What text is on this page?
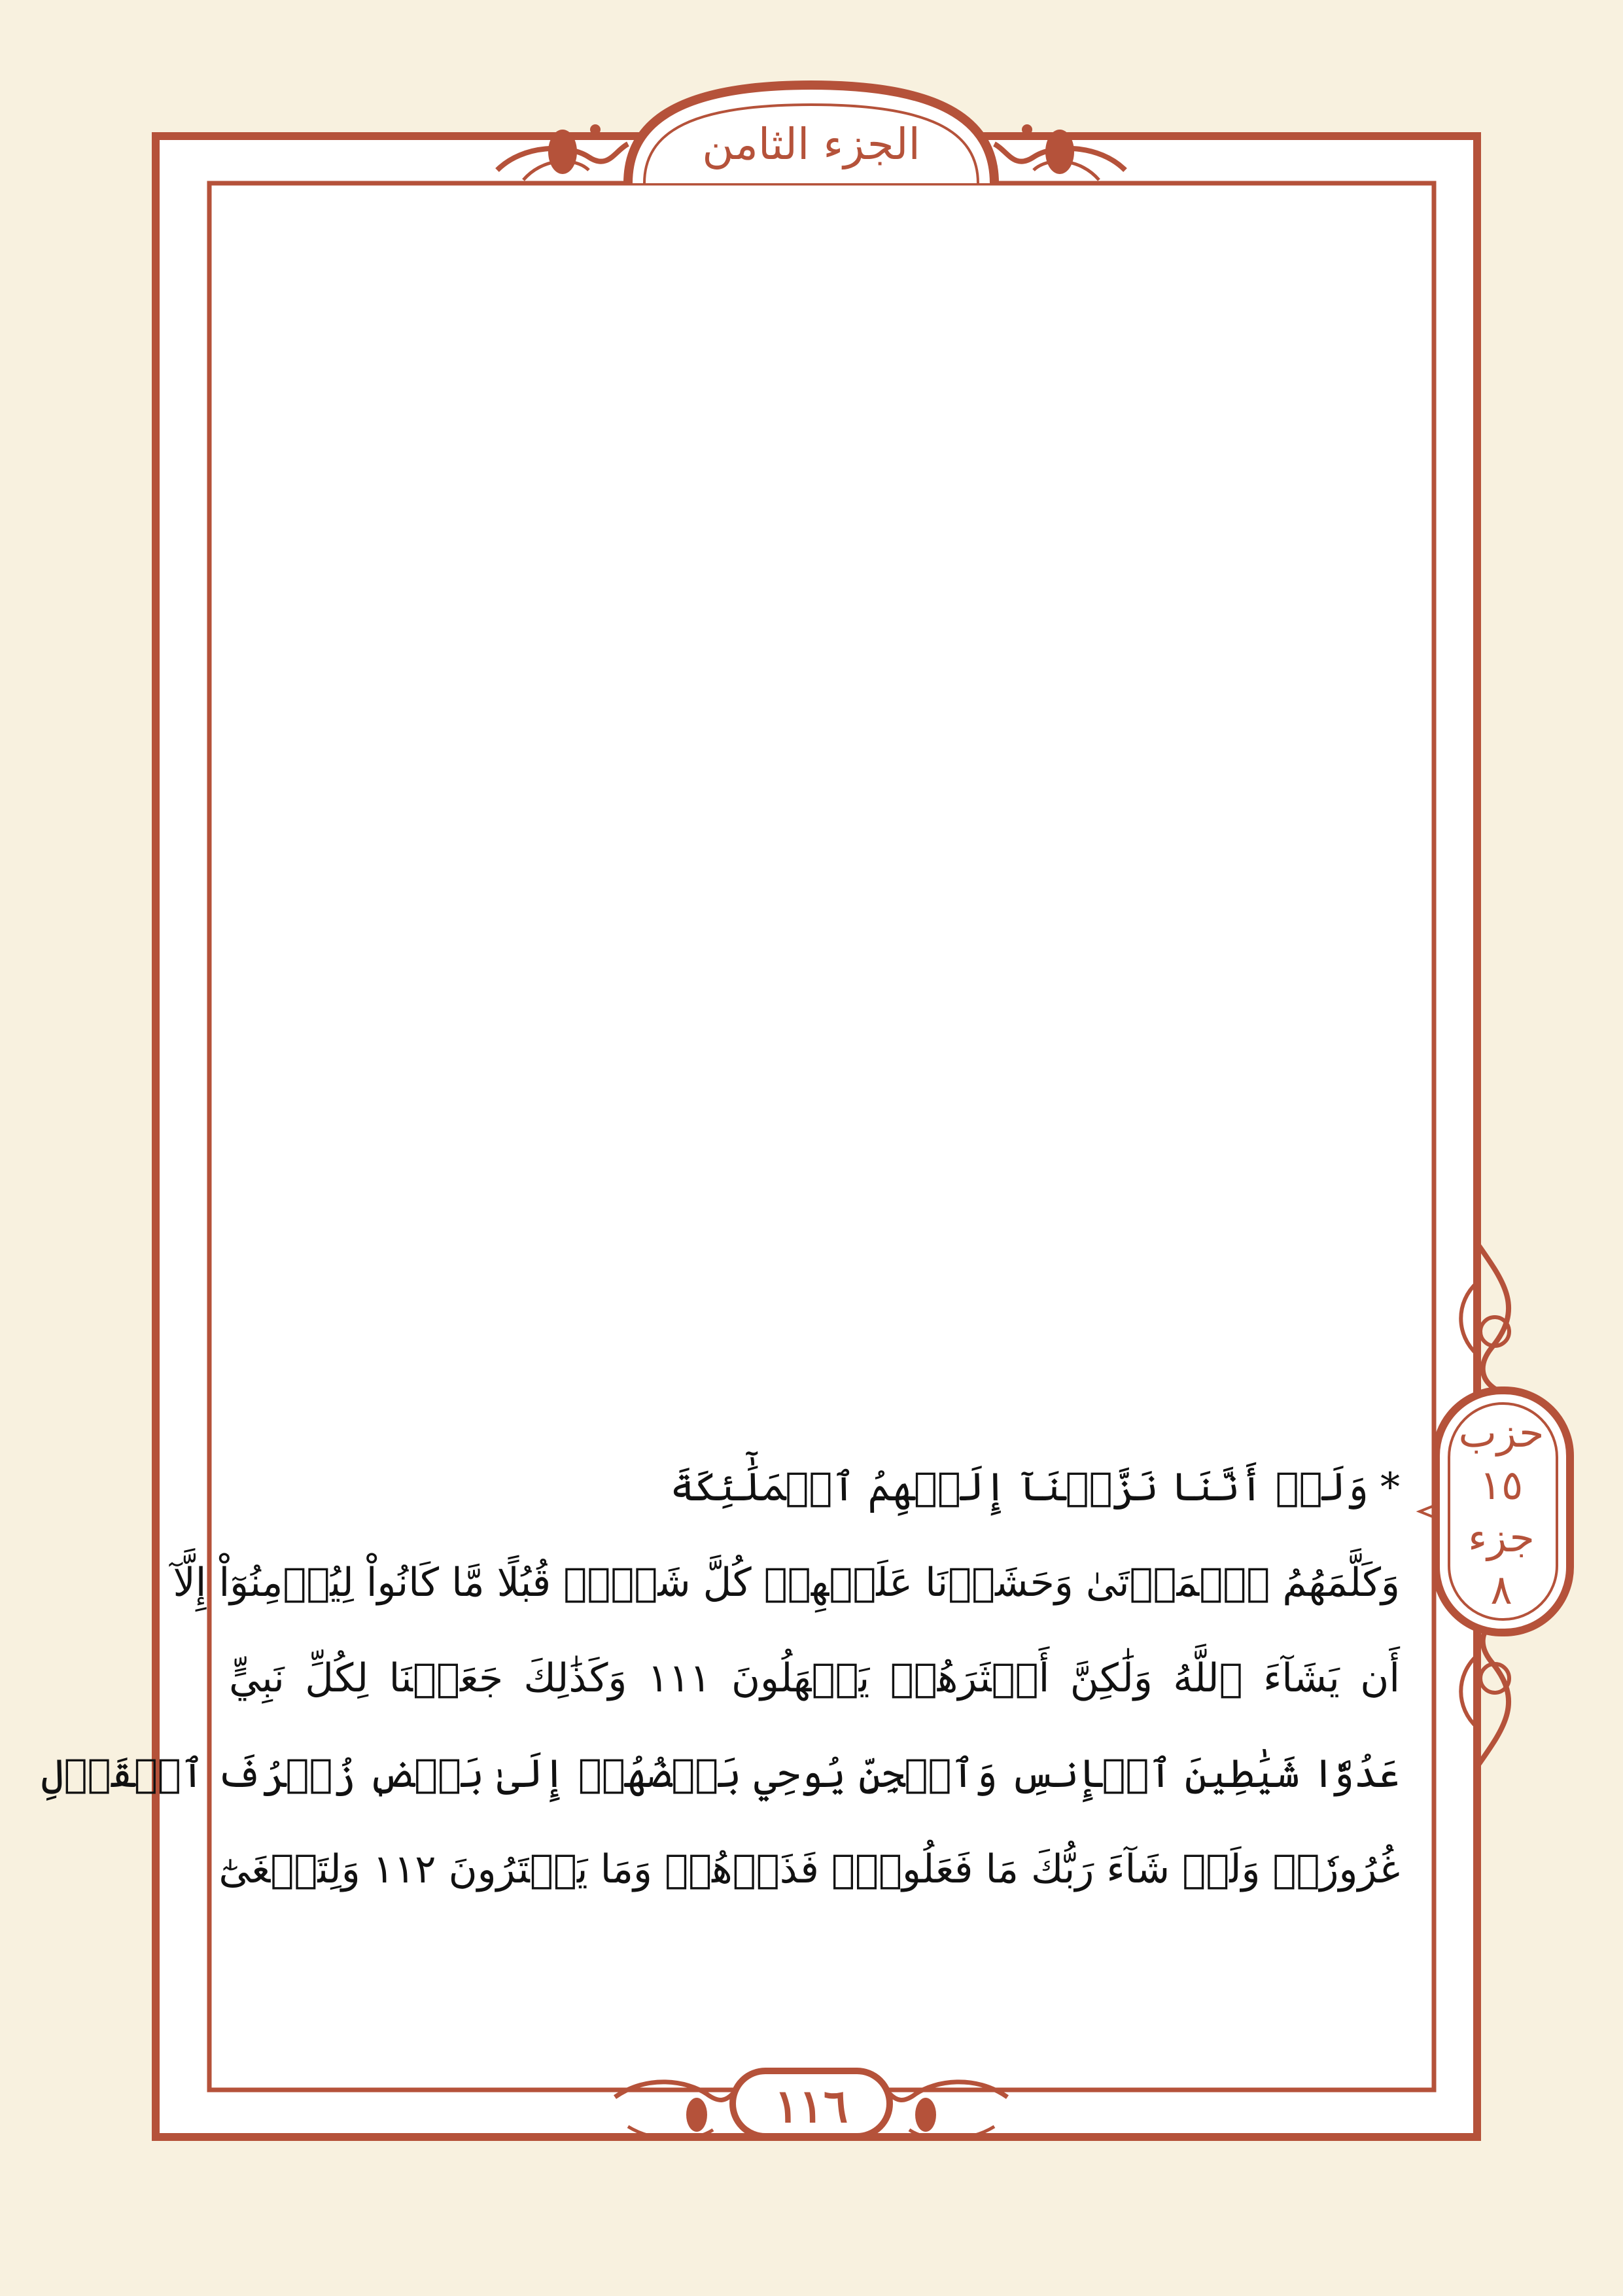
الجزء الثامن
حزب
١٥
جزء
٨
*وَلَوۡ أَنَّنَا نَزَّلۡنَآ إِلَيۡهِمُ ٱلۡمَلَٰٓئِكَةَ
وَكَلَّمَهُمُ ٱلۡمَوۡتَىٰ وَحَشَرۡنَا عَلَيۡهِمۡ كُلَّ شَيۡءٖ قُبُلًا مَّا كَانُواْ لِيُؤۡمِنُوٓاْ إِلَّآ
أَن يَشَآءَ ٱللَّهُ وَلَٰكِنَّ أَكۡثَرَهُمۡ يَجۡهَلُونَ ١١١ وَكَذَٰلِكَ جَعَلۡنَا لِكُلِّ نَبِيٍّ
عَدُوّٗا شَيَٰطِينَ ٱلۡإِنسِ وَٱلۡجِنِّ يُوحِي بَعۡضُهُمۡ إِلَىٰ بَعۡضٖ زُخۡرُفَ ٱلۡقَوۡلِ
غُرُورٗاۚ وَلَوۡ شَآءَ رَبُّكَ مَا فَعَلُوهُۖ فَذَرۡهُمۡ وَمَا يَفۡتَرُونَ ١١٢ وَلِتَصۡغَىٰٓ
١١٦
